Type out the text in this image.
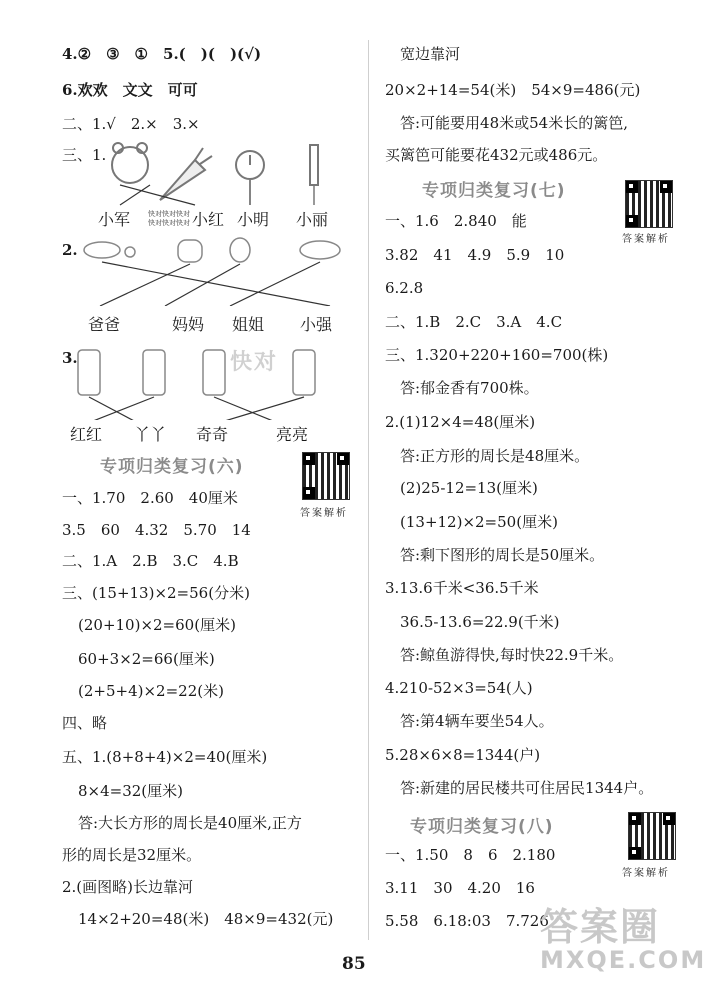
4.②　③　①　5.(　)(　)(√)
6.欢欢　文文　可可
二、1.√　2.×　3.×
三、1.
快对快对快对
快对快对快对
小军	小红 小明 小丽
2.
爸爸	妈妈 姐姐 小强
3.
红红 丫丫 奇奇	亮亮
专项归类复习(六)
答案解析
一、1.70　2.60　40厘米
3.5　60　4.32　5.70　14
二、1.A　2.B　3.C　4.B
三、(15+13)×2=56(分米)
(20+10)×2=60(厘米)
60+3×2=66(厘米)
(2+5+4)×2=22(米)
四、略
五、1.(8+8+4)×2=40(厘米)
8×4=32(厘米)
答:大长方形的周长是40厘米,正方
形的周长是32厘米。
2.(画图略)长边靠河
14×2+20=48(米)　48×9=432(元)
宽边靠河
20×2+14=54(米)　54×9=486(元)
答:可能要用48米或54米长的篱笆,
买篱笆可能要花432元或486元。
专项归类复习(七)
答案解析
一、1.6　2.840　能
3.82　41　4.9　5.9　10
6.2.8
二、1.B　2.C　3.A　4.C
三、1.320+220+160=700(株)
答:郁金香有700株。
2.(1)12×4=48(厘米)
答:正方形的周长是48厘米。
(2)25-12=13(厘米)
(13+12)×2=50(厘米)
答:剩下图形的周长是50厘米。
3.13.6千米<36.5千米
36.5-13.6=22.9(千米)
答:鲸鱼游得快,每时快22.9千米。
4.210-52×3=54(人)
答:第4辆车要坐54人。
5.28×6×8=1344(户)
答:新建的居民楼共可住居民1344户。
专项归类复习(八)
答案解析
一、1.50　8　6　2.180
3.11　30　4.20　16
5.58　6.18:03　7.726
快对
答案圈
MXQE.COM
85
